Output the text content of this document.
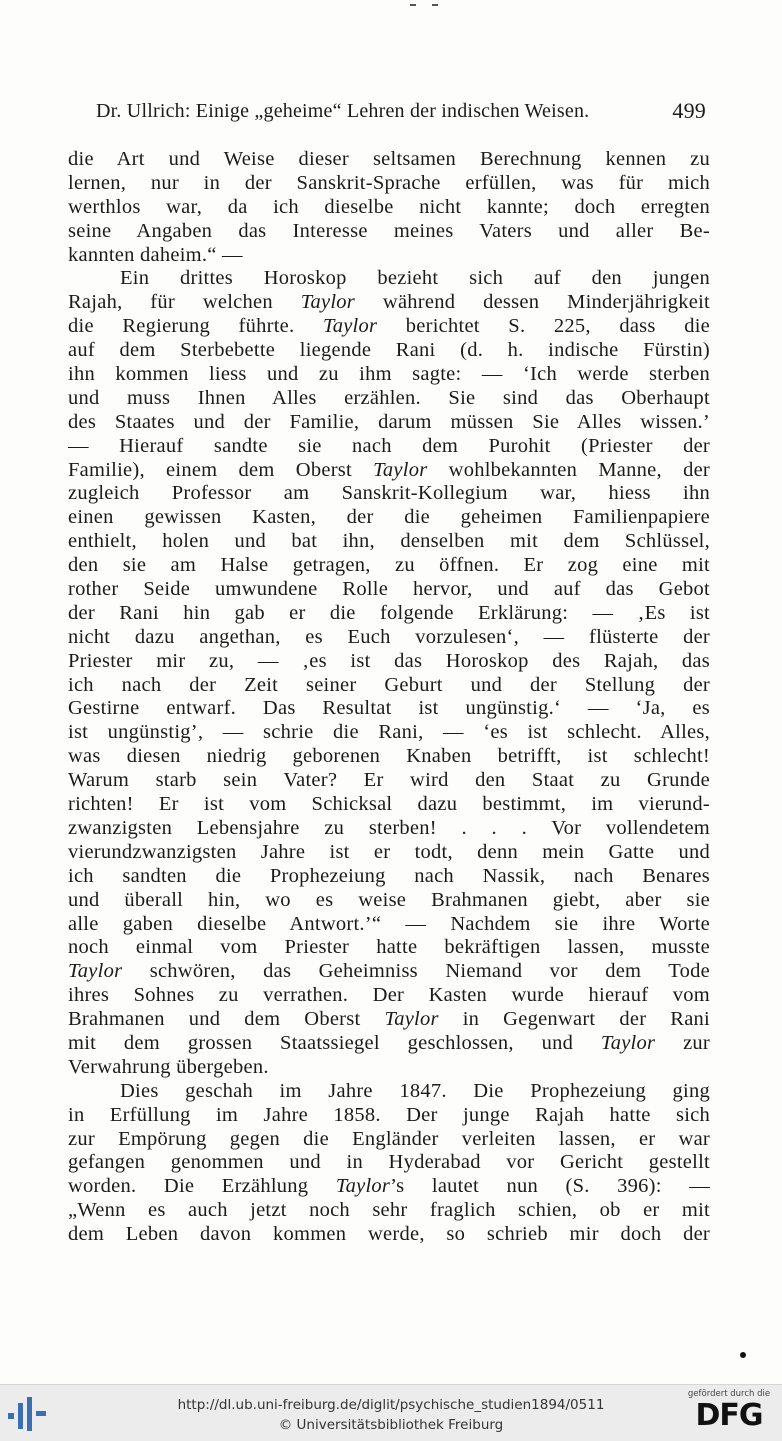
Dr. Ullrich: Einige „geheime“ Lehren der indischen Weisen.	499
die Art und Weise dieser seltsamen Berechnung kennen zu
lernen, nur in der Sanskrit-Sprache erfüllen, was für mich
werthlos war, da ich dieselbe nicht kannte; doch erregten
seine Angaben das Interesse meines Vaters und aller Be-
kannten daheim.“ —
Ein drittes Horoskop bezieht sich auf den jungen
Rajah, für welchen Taylor während dessen Minderjährigkeit
die Regierung führte. Taylor berichtet S. 225, dass die
auf dem Sterbebette liegende Rani (d. h. indische Fürstin)
ihn kommen liess und zu ihm sagte: — ‘Ich werde sterben
und muss Ihnen Alles erzählen. Sie sind das Oberhaupt
des Staates und der Familie, darum müssen Sie Alles wissen.’
— Hierauf sandte sie nach dem Purohit (Priester der
Familie), einem dem Oberst Taylor wohlbekannten Manne, der
zugleich Professor am Sanskrit-Kollegium war, hiess ihn
einen gewissen Kasten, der die geheimen Familienpapiere
enthielt, holen und bat ihn, denselben mit dem Schlüssel,
den sie am Halse getragen, zu öffnen. Er zog eine mit
rother Seide umwundene Rolle hervor, und auf das Gebot
der Rani hin gab er die folgende Erklärung: — ‚Es ist
nicht dazu angethan, es Euch vorzulesen‘, — flüsterte der
Priester mir zu, — ‚es ist das Horoskop des Rajah, das
ich nach der Zeit seiner Geburt und der Stellung der
Gestirne entwarf. Das Resultat ist ungünstig.‘ — ‘Ja, es
ist ungünstig’, — schrie die Rani, — ‘es ist schlecht. Alles,
was diesen niedrig geborenen Knaben betrifft, ist schlecht!
Warum starb sein Vater? Er wird den Staat zu Grunde
richten! Er ist vom Schicksal dazu bestimmt, im vierund-
zwanzigsten Lebensjahre zu sterben! . . . Vor vollendetem
vierundzwanzigsten Jahre ist er todt, denn mein Gatte und
ich sandten die Prophezeiung nach Nassik, nach Benares
und überall hin, wo es weise Brahmanen giebt, aber sie
alle gaben dieselbe Antwort.’“ — Nachdem sie ihre Worte
noch einmal vom Priester hatte bekräftigen lassen, musste
Taylor schwören, das Geheimniss Niemand vor dem Tode
ihres Sohnes zu verrathen. Der Kasten wurde hierauf vom
Brahmanen und dem Oberst Taylor in Gegenwart der Rani
mit dem grossen Staatssiegel geschlossen, und Taylor zur
Verwahrung übergeben.
Dies geschah im Jahre 1847. Die Prophezeiung ging
in Erfüllung im Jahre 1858. Der junge Rajah hatte sich
zur Empörung gegen die Engländer verleiten lassen, er war
gefangen genommen und in Hyderabad vor Gericht gestellt
worden. Die Erzählung Taylor’s lautet nun (S. 396): —
„Wenn es auch jetzt noch sehr fraglich schien, ob er mit
dem Leben davon kommen werde, so schrieb mir doch der
http://dl.ub.uni-freiburg.de/diglit/psychische_studien1894/0511
© Universitätsbibliothek Freiburg
gefördert durch die
DFG
